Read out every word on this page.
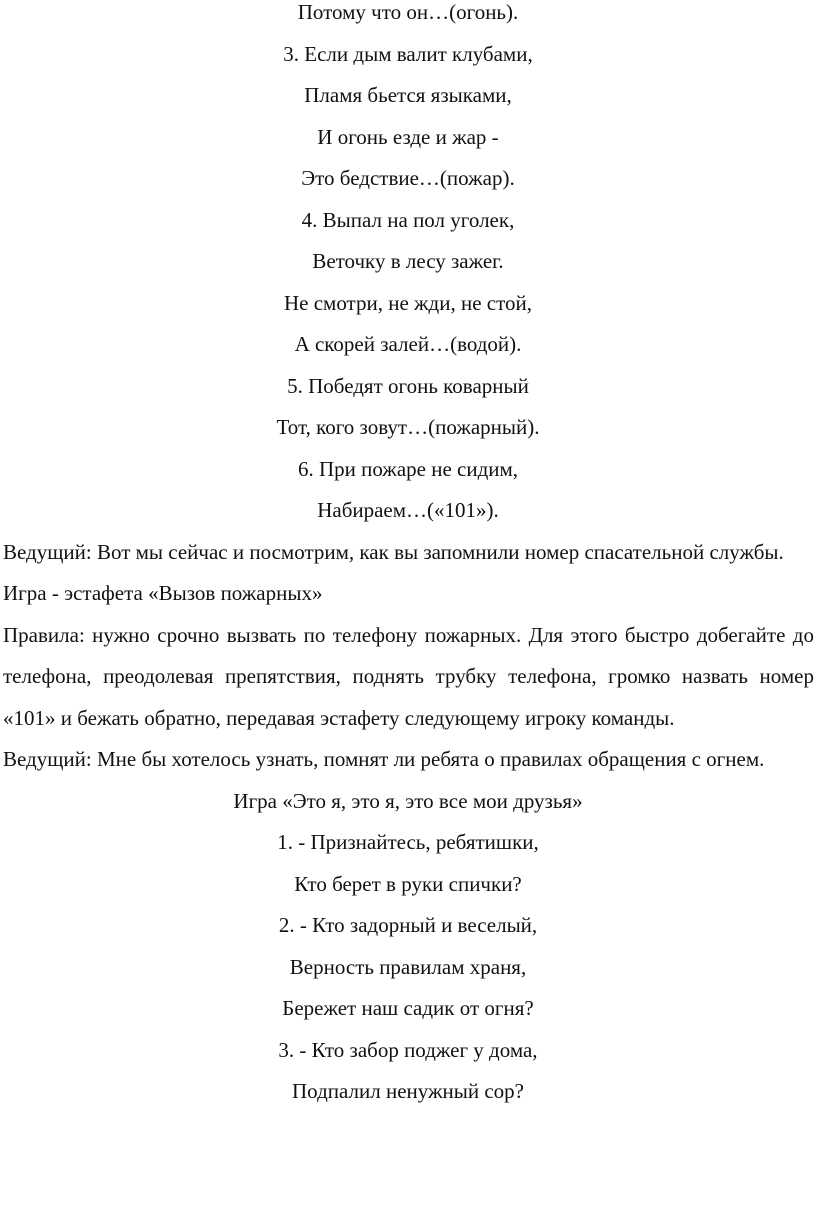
Потому что он…(огонь).

3. Если дым валит клубами,

Пламя бьется языками,

И огонь езде и жар -

Это бедствие…(пожар).

4. Выпал на пол уголек,

Веточку в лесу зажег.

Не смотри, не жди, не стой,

А скорей залей…(водой).

5. Победят огонь коварный

Тот, кого зовут…(пожарный).

6. При пожаре не сидим,

Набираем…(«101»).

Ведущий: Вот мы сейчас и посмотрим, как вы запомнили номер спасательной службы.

Игра - эстафета «Вызов пожарных»

Правила: нужно срочно вызвать по телефону пожарных. Для этого быстро добегайте до телефона, преодолевая препятствия, поднять трубку телефона, громко назвать номер «101» и бежать обратно, передавая эстафету следующему игроку команды.

Ведущий: Мне бы хотелось узнать, помнят ли ребята о правилах обращения с огнем.

Игра «Это я, это я, это все мои друзья»

1. - Признайтесь, ребятишки,

Кто берет в руки спички?

2. - Кто задорный и веселый,

Верность правилам храня,

Бережет наш садик от огня?

3. - Кто забор поджег у дома,

Подпалил ненужный сор?
